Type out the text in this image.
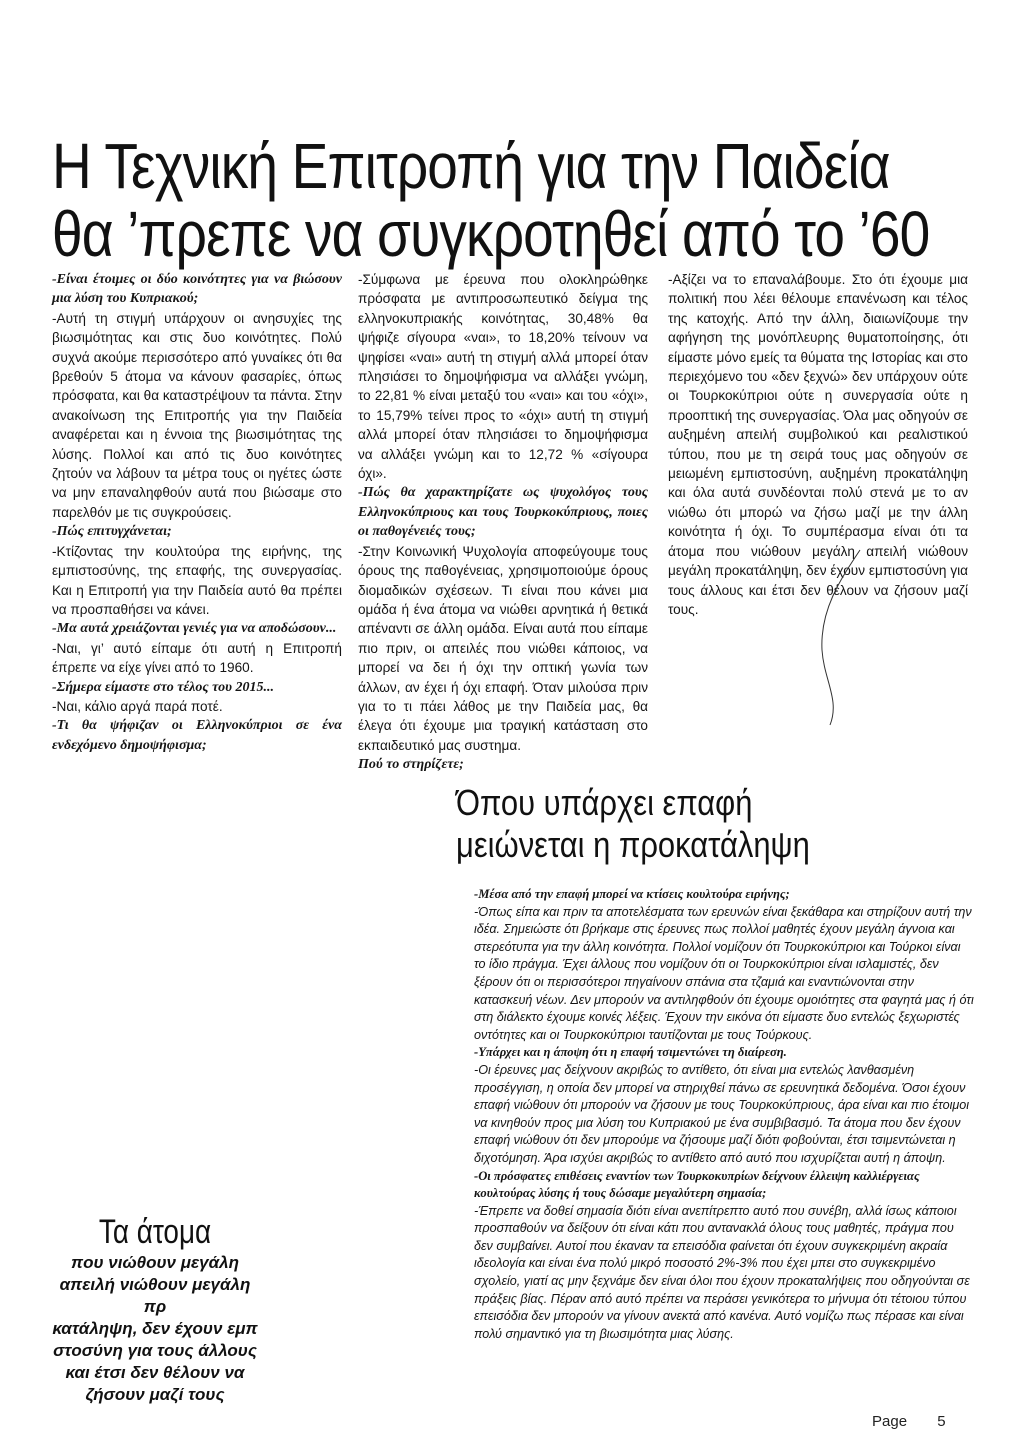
Η Τεχνική Επιτροπή για την Παιδεία
θα ’πρεπε να συγκροτηθεί από το ’60

-Είναι έτοιμες οι δύο κοινότητες για να βιώσουν μια λύση του Κυπριακού;

-Αυτή τη στιγμή υπάρχουν οι ανησυχίες της βιωσιμότητας και στις δυο κοινότητες. Πολύ συχνά ακούμε περισσότερο από γυναίκες ότι θα βρεθούν 5 άτομα να κάνουν φασαρίες, όπως πρόσφατα, και θα καταστρέψουν τα πάντα. Στην ανακοίνωση της Επιτροπής για την Παιδεία αναφέρεται και η έννοια της βιωσιμότητας της λύσης. Πολλοί και από τις δυο κοινότητες ζητούν να λάβουν τα μέτρα τους οι ηγέτες ώστε να μην επαναληφθούν αυτά που βιώσαμε στο παρελθόν με τις συγκρούσεις.

-Πώς επιτυγχάνεται;

-Κτίζοντας την κουλτούρα της ειρήνης, της εμπιστοσύνης, της επαφής, της συνεργασίας. Και η Επιτροπή για την Παιδεία αυτό θα πρέπει να προσπαθήσει να κάνει.

-Μα αυτά χρειάζονται γενιές για να αποδώσουν...

-Ναι, γι’ αυτό είπαμε ότι αυτή η Επιτροπή έπρεπε να είχε γίνει από το 1960.

-Σήμερα είμαστε στο τέλος του 2015...

-Ναι, κάλιο αργά παρά ποτέ.

-Τι θα ψήφιζαν οι Ελληνοκύπριοι σε ένα ενδεχόμενο δημοψήφισμα;

-Σύμφωνα με έρευνα που ολοκληρώθηκε πρόσφατα με αντιπροσωπευτικό δείγμα της ελληνοκυπριακής κοινότητας, 30,48% θα ψήφιζε σίγουρα «ναι», το 18,20% τείνουν να ψηφίσει «ναι» αυτή τη στιγμή αλλά μπορεί όταν πλησιάσει το δημοψήφισμα να αλλάξει γνώμη, το 22,81 % είναι μεταξύ του «ναι» και του «όχι», το 15,79% τείνει προς το «όχι» αυτή τη στιγμή αλλά μπορεί όταν πλησιάσει το δημοψήφισμα να αλλάξει γνώμη και το 12,72 % «σίγουρα όχι».

-Πώς θα χαρακτηρίζατε ως ψυχολόγος τους Ελληνοκύπριους και τους Τουρκοκύπριους, ποιες οι παθογένειές τους;

-Στην Κοινωνική Ψυχολογία αποφεύγουμε τους όρους της παθογένειας, χρησιμοποιούμε όρους διομαδικών σχέσεων. Τι είναι που κάνει μια ομάδα ή ένα άτομα να νιώθει αρνητικά ή θετικά απέναντι σε άλλη ομάδα. Είναι αυτά που είπαμε πιο πριν, οι απειλές που νιώθει κάποιος, να μπορεί να δει ή όχι την οπτική γωνία των άλλων, αν έχει ή όχι επαφή. Όταν μιλούσα πριν για το τι πάει λάθος με την Παιδεία μας, θα έλεγα ότι έχουμε μια τραγική κατάσταση στο εκπαιδευτικό μας συστημα.

Πού το στηρίζετε;

-Αξίζει να το επαναλάβουμε. Στο ότι έχουμε μια πολιτική που λέει θέλουμε επανένωση και τέλος της κατοχής. Από την άλλη, διαιωνίζουμε την αφήγηση της μονόπλευρης θυματοποίησης, ότι είμαστε μόνο εμείς τα θύματα της Ιστορίας και στο περιεχόμενο του «δεν ξεχνώ» δεν υπάρχουν ούτε οι Τουρκοκύπριοι ούτε η συνεργασία ούτε η προοπτική της συνεργασίας. Όλα μας οδηγούν σε αυξημένη απειλή συμβολικού και ρεαλιστικού τύπου, που με τη σειρά τους μας οδηγούν σε μειωμένη εμπιστοσύνη, αυξημένη προκατάληψη και όλα αυτά συνδέονται πολύ στενά με το αν νιώθω ότι μπορώ να ζήσω μαζί με την άλλη κοινότητα ή όχι. Το συμπέρασμα είναι ότι τα άτομα που νιώθουν μεγάλη απειλή νιώθουν μεγάλη προκατάληψη, δεν έχουν εμπιστοσύνη για τους άλλους και έτσι δεν θέλουν να ζήσουν μαζί τους.

Όπου υπάρχει επαφή
μειώνεται η προκατάληψη

-Μέσα από την επαφή μπορεί να κτίσεις κουλτούρα ειρήνης;

-Όπως είπα και πριν τα αποτελέσματα των ερευνών είναι ξεκάθαρα και στηρίζουν αυτή την ιδέα. Σημειώστε ότι βρήκαμε στις έρευνες πως πολλοί μαθητές έχουν μεγάλη άγνοια και στερεότυπα για την άλλη κοινότητα. Πολλοί νομίζουν ότι Τουρκοκύπριοι και Τούρκοι είναι το ίδιο πράγμα. Έχει άλλους που νομίζουν ότι οι Τουρκοκύπριοι είναι ισλαμιστές, δεν ξέρουν ότι οι περισσότεροι πηγαίνουν σπάνια στα τζαμιά και εναντιώνονται στην κατασκευή νέων. Δεν μπορούν να αντιληφθούν ότι έχουμε ομοιότητες στα φαγητά μας ή ότι στη διάλεκτο έχουμε κοινές λέξεις. Έχουν την εικόνα ότι είμαστε δυο εντελώς ξεχωριστές οντότητες και οι Τουρκοκύπριοι ταυτίζονται με τους Τούρκους.

-Υπάρχει και η άποψη ότι η επαφή τσιμεντώνει τη διαίρεση.

-Οι έρευνες μας δείχνουν ακριβώς το αντίθετο, ότι είναι μια εντελώς λανθασμένη προσέγγιση, η οποία δεν μπορεί να στηριχθεί πάνω σε ερευνητικά δεδομένα. Όσοι έχουν επαφή νιώθουν ότι μπορούν να ζήσουν με τους Τουρκοκύπριους, άρα είναι και πιο έτοιμοι να κινηθούν προς μια λύση του Κυπριακού με ένα συμβιβασμό. Τα άτομα που δεν έχουν επαφή νιώθουν ότι δεν μπορούμε να ζήσουμε μαζί διότι φοβούνται, έτσι τσιμεντώνεται η διχοτόμηση. Άρα ισχύει ακριβώς το αντίθετο από αυτό που ισχυρίζεται αυτή η άποψη.

-Οι πρόσφατες επιθέσεις εναντίον των Τουρκοκυπρίων δείχνουν έλλειψη καλλιέργειας κουλτούρας λύσης ή τους δώσαμε μεγαλύτερη σημασία;

-Έπρεπε να δοθεί σημασία διότι είναι ανεπίτρεπτο αυτό που συνέβη, αλλά ίσως κάποιοι προσπαθούν να δείξουν ότι είναι κάτι που αντανακλά όλους τους μαθητές, πράγμα που δεν συμβαίνει. Αυτοί που έκαναν τα επεισόδια φαίνεται ότι έχουν συγκεκριμένη ακραία ιδεολογία και είναι ένα πολύ μικρό ποσοστό 2%-3% που έχει μπει στο συγκεκριμένο σχολείο, γιατί ας μην ξεχνάμε δεν είναι όλοι που έχουν προκαταλήψεις που οδηγούνται σε πράξεις βίας. Πέραν από αυτό πρέπει να περάσει γενικότερα το μήνυμα ότι τέτοιου τύπου επεισόδια δεν μπορούν να γίνουν ανεκτά από κανένα. Αυτό νομίζω πως πέρασε και είναι πολύ σημαντικό για τη βιωσιμότητα μιας λύσης.

Τα άτομα
που νιώθουν μεγάλη
απειλή νιώθουν μεγάλη πρ
κατάληψη, δεν έχουν εμπ
στοσύνη για τους άλλους
και έτσι δεν θέλουν να
ζήσουν μαζί τους
Page 5
